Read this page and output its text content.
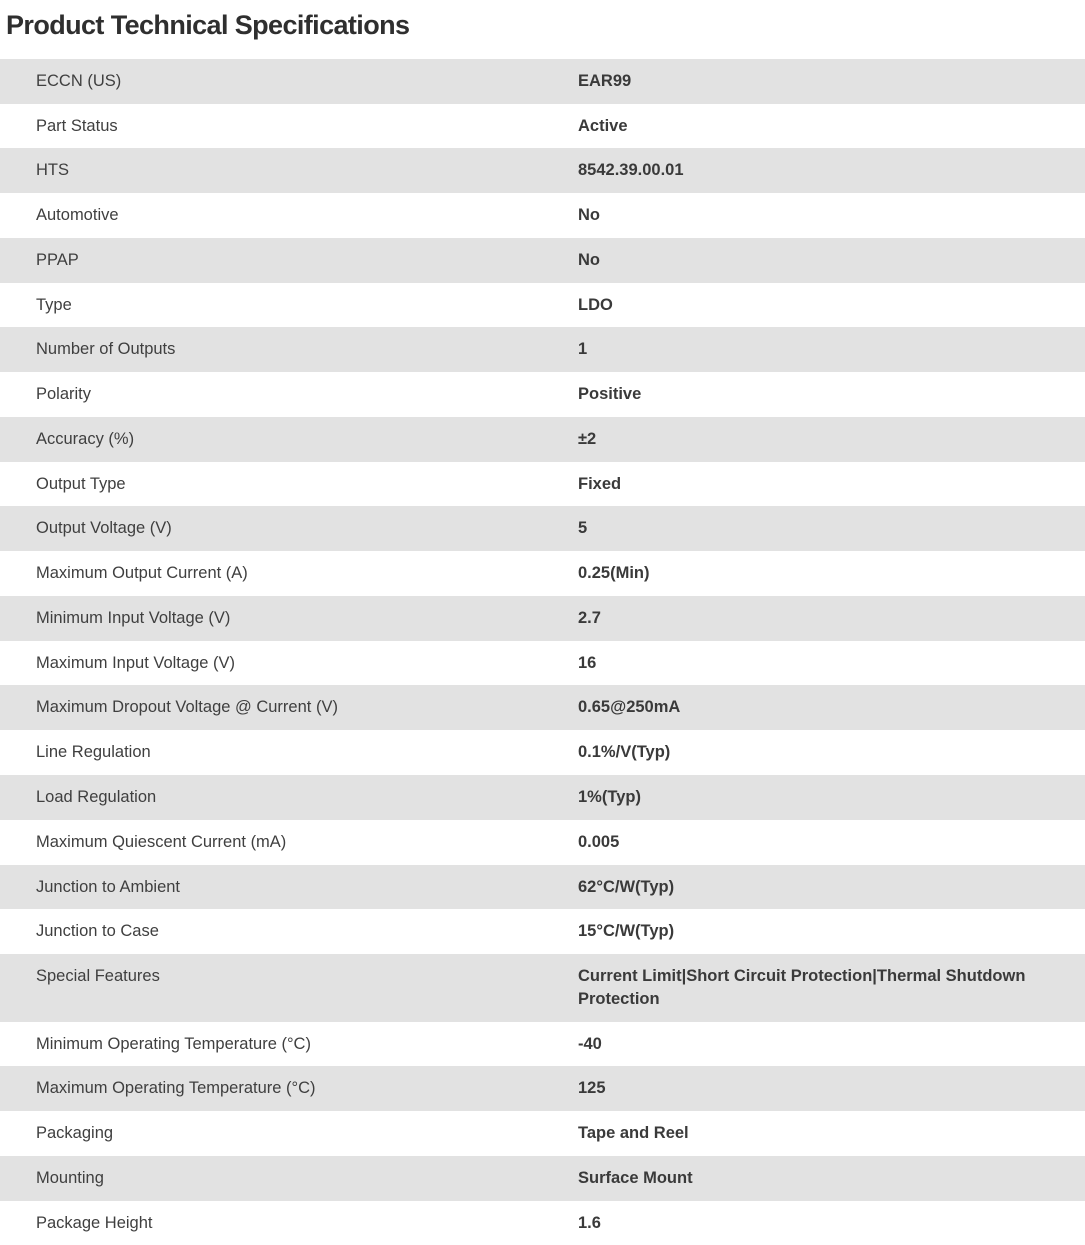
Product Technical Specifications
ECCN (US)	EAR99
Part Status	Active
HTS	8542.39.00.01
Automotive	No
PPAP	No
Type	LDO
Number of Outputs	1
Polarity	Positive
Accuracy (%)	±2
Output Type	Fixed
Output Voltage (V)	5
Maximum Output Current (A)	0.25(Min)
Minimum Input Voltage (V)	2.7
Maximum Input Voltage (V)	16
Maximum Dropout Voltage @ Current (V)	0.65@250mA
Line Regulation	0.1%/V(Typ)
Load Regulation	1%(Typ)
Maximum Quiescent Current (mA)	0.005
Junction to Ambient	62°C/W(Typ)
Junction to Case	15°C/W(Typ)
Special Features	Current Limit|Short Circuit Protection|Thermal Shutdown Protection
Minimum Operating Temperature (°C)	-40
Maximum Operating Temperature (°C)	125
Packaging	Tape and Reel
Mounting	Surface Mount
Package Height	1.6
